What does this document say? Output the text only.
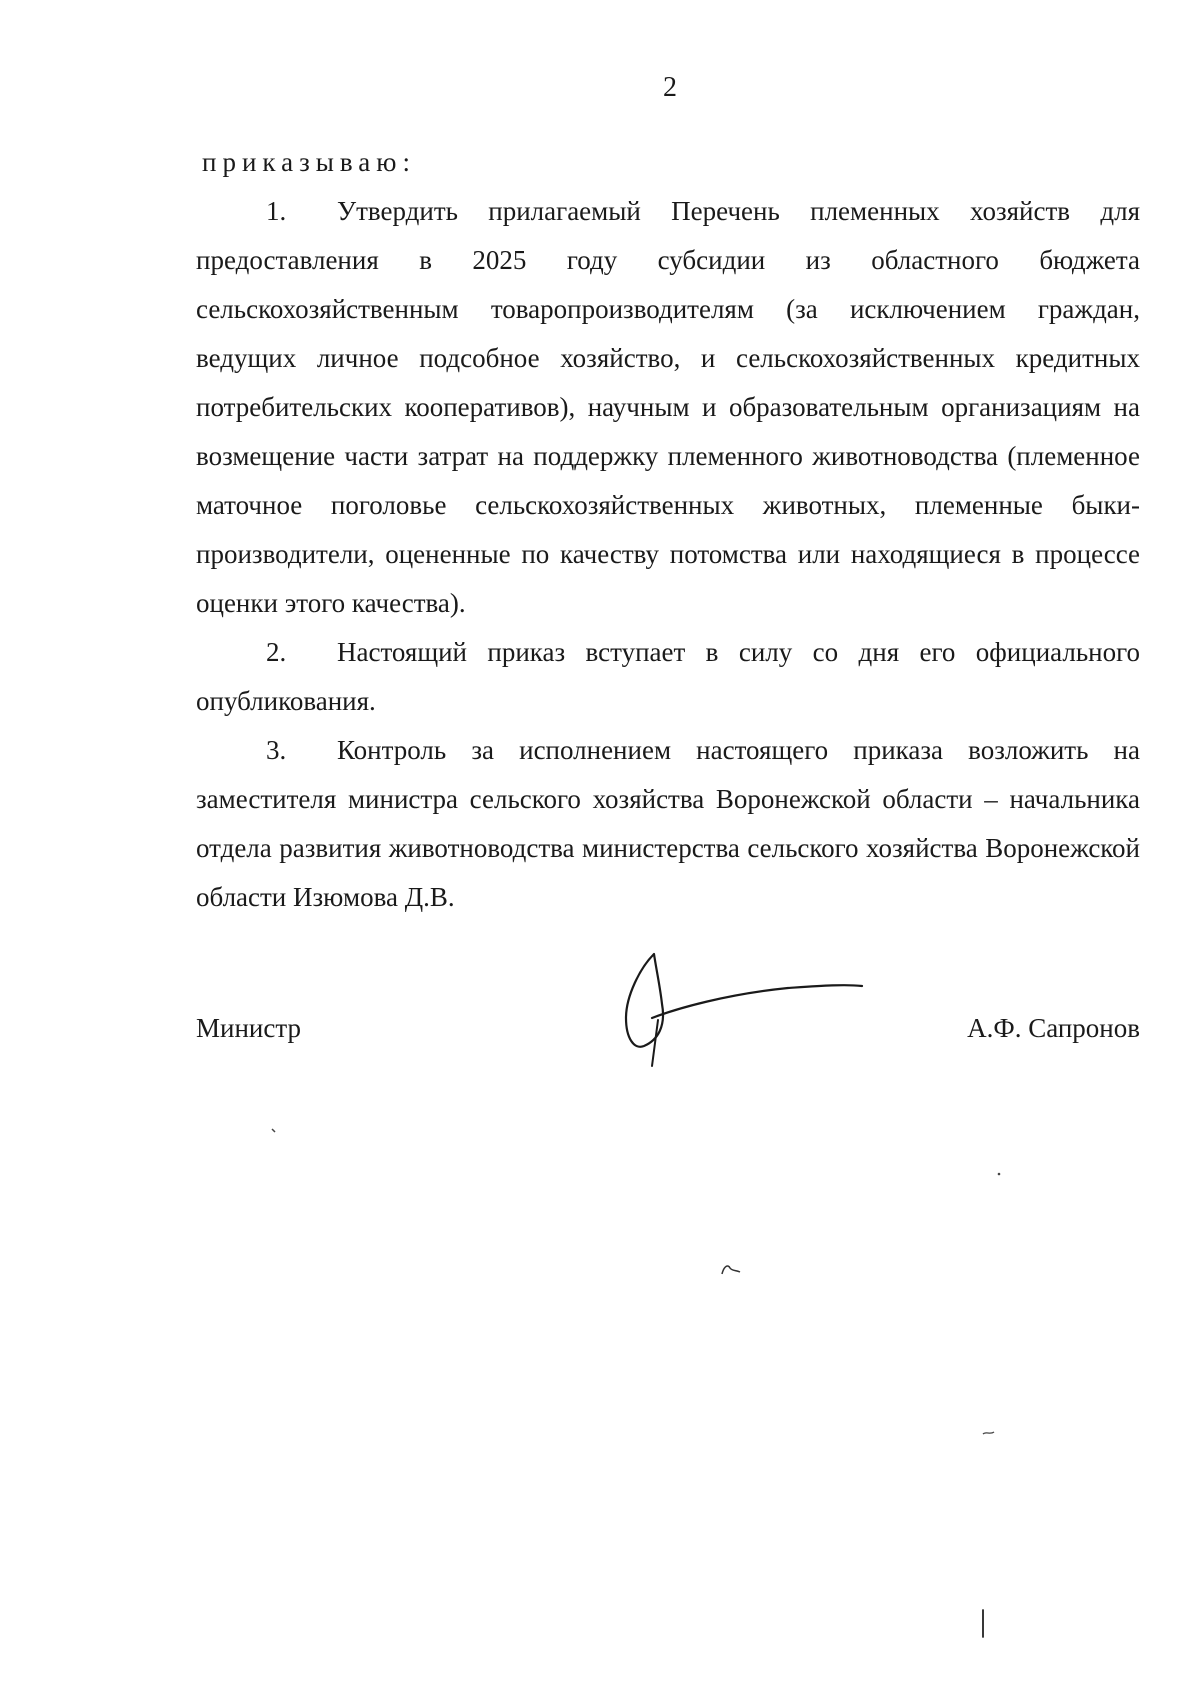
2

приказываю:

1. Утвердить прилагаемый Перечень племенных хозяйств для предоставления в 2025 году субсидии из областного бюджета сельскохозяйственным товаропроизводителям (за исключением граждан, ведущих личное подсобное хозяйство, и сельскохозяйственных кредитных потребительских кооперативов), научным и образовательным организациям на возмещение части затрат на поддержку племенного животноводства (племенное маточное поголовье сельскохозяйственных животных, племенные быки-производители, оцененные по качеству потомства или находящиеся в процессе оценки этого качества).

2. Настоящий приказ вступает в силу со дня его официального опубликования.

3. Контроль за исполнением настоящего приказа возложить на заместителя министра сельского хозяйства Воронежской области – начальника отдела развития животноводства министерства сельского хозяйства Воронежской области Изюмова Д.В.

Министр	А.Ф. Сапронов
